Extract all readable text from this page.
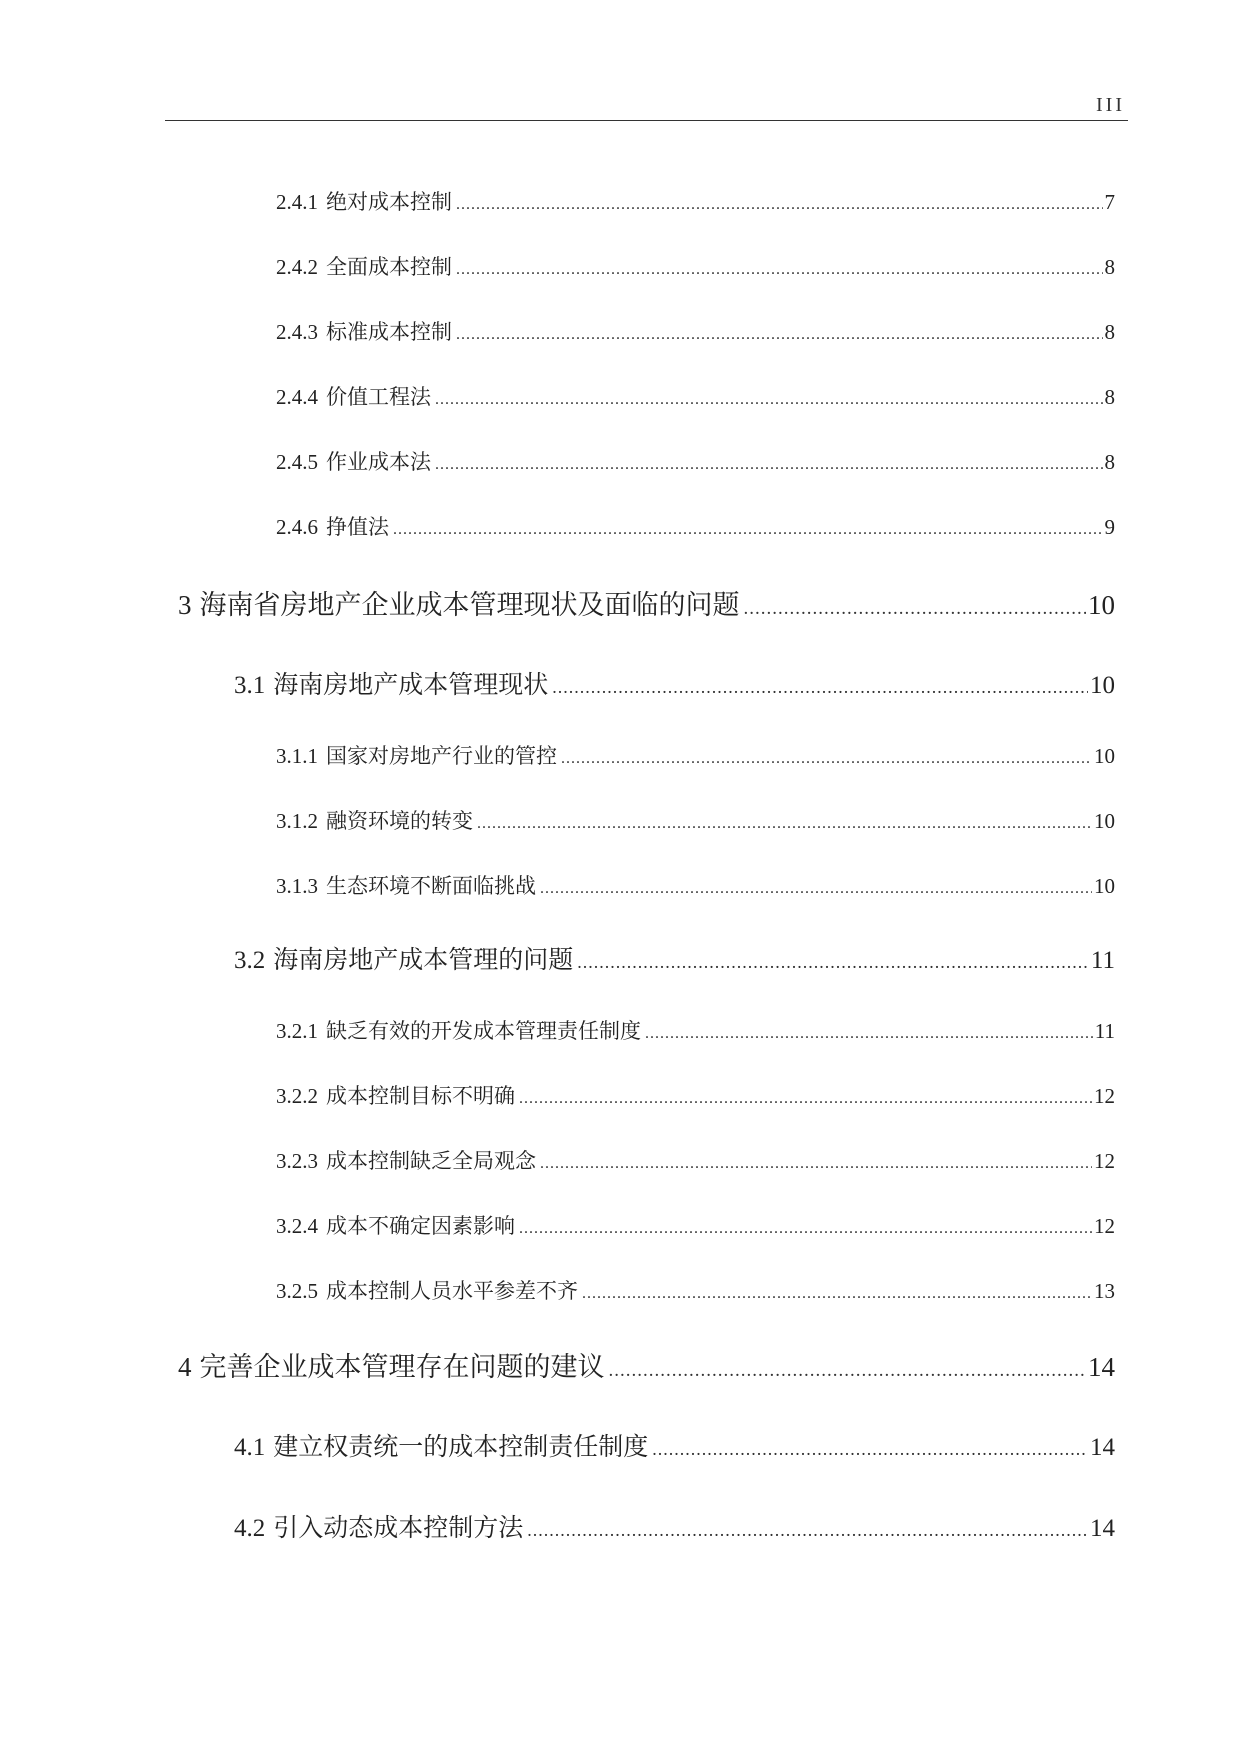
III
2.4.1 绝对成本控制 .....	7
2.4.2 全面成本控制 .....	8
2.4.3 标准成本控制 .....	8
2.4.4 价值工程法 .....	8
2.4.5 作业成本法 .....	8
2.4.6 挣值法 .....	9
3 海南省房地产企业成本管理现状及面临的问题 .....	10
3.1 海南房地产成本管理现状 .....	10
3.1.1 国家对房地产行业的管控 .....	10
3.1.2 融资环境的转变 .....	10
3.1.3 生态环境不断面临挑战 .....	10
3.2 海南房地产成本管理的问题 .....	11
3.2.1 缺乏有效的开发成本管理责任制度 .....	11
3.2.2 成本控制目标不明确 .....	12
3.2.3 成本控制缺乏全局观念 .....	12
3.2.4 成本不确定因素影响 .....	12
3.2.5 成本控制人员水平参差不齐 .....	13
4 完善企业成本管理存在问题的建议 .....	14
4.1 建立权责统一的成本控制责任制度 .....	14
4.2 引入动态成本控制方法 .....	14
